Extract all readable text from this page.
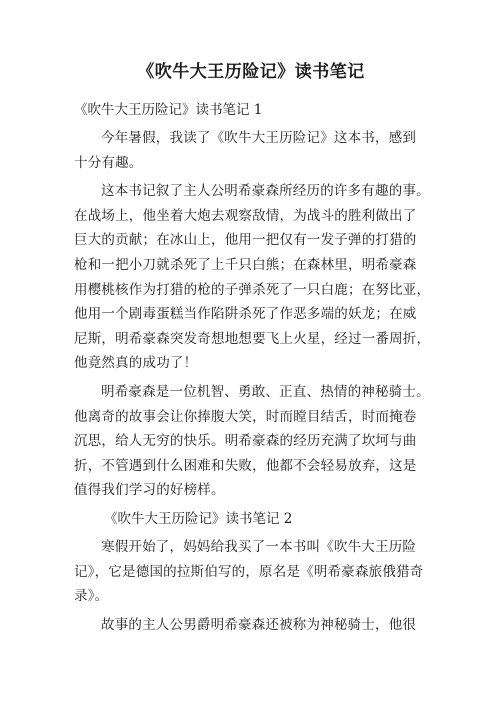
《吹牛大王历险记》读书笔记
《吹牛大王历险记》读书笔记 1
今年暑假，我读了《吹牛大王历险记》这本书，感到
十分有趣。
这本书记叙了主人公明希豪森所经历的许多有趣的事。
在战场上，他坐着大炮去观察敌情，为战斗的胜利做出了
巨大的贡献；在冰山上，他用一把仅有一发子弹的打猎的
枪和一把小刀就杀死了上千只白熊；在森林里，明希豪森
用樱桃核作为打猎的枪的子弹杀死了一只白鹿；在努比亚，
他用一个剧毒蛋糕当作陷阱杀死了作恶多端的妖龙；在威
尼斯，明希豪森突发奇想地想要飞上火星，经过一番周折，
他竟然真的成功了！
明希豪森是一位机智、勇敢、正直、热情的神秘骑士。
他离奇的故事会让你捧腹大笑，时而瞠目结舌，时而掩卷
沉思，给人无穷的快乐。明希豪森的经历充满了坎坷与曲
折，不管遇到什么困难和失败，他都不会轻易放弃，这是
值得我们学习的好榜样。
《吹牛大王历险记》读书笔记 2
寒假开始了，妈妈给我买了一本书叫《吹牛大王历险
记》，它是德国的拉斯伯写的，原名是《明希豪森旅俄猎奇
录》。
故事的主人公男爵明希豪森还被称为神秘骑士，他很
